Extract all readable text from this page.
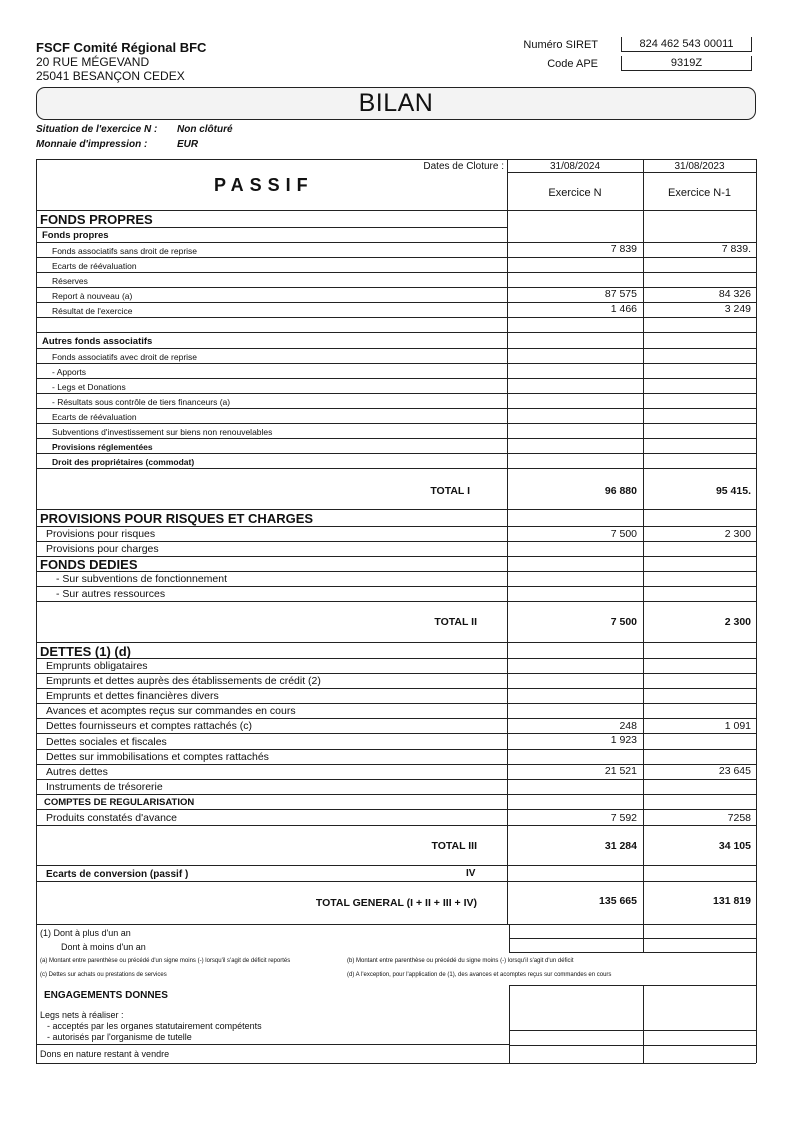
FSCF Comité Régional BFC
20 RUE MÉGEVAND
25041 BESANÇON CEDEX
Numéro SIRET	824 462 543 00011
Code APE	9319Z
BILAN
Situation de l'exercice N : Non clôturé
Monnaie d'impression :	EUR
Dates de Cloture :	31/08/2024	31/08/2023
PASSIF	Exercice N	Exercice N-1
FONDS PROPRES
Fonds propres
Fonds associatifs sans droit de reprise	7 839	7 839.
Ecarts de réévaluation
Réserves
Report à nouveau (a)	87 575	84 326
Résultat de l'exercice	1 466	3 249
Autres fonds associatifs
Fonds associatifs avec droit de reprise
- Apports
- Legs et Donations
- Résultats sous contrôle de tiers financeurs (a)
Ecarts de réévaluation
Subventions d'investissement sur biens non renouvelables
Provisions réglementées
Droit des propriétaires (commodat)
TOTAL I	96 880	95 415.
PROVISIONS POUR RISQUES ET CHARGES
Provisions pour risques	7 500	2 300
Provisions pour charges
FONDS DEDIES
- Sur subventions de fonctionnement
- Sur autres ressources
TOTAL II	7 500	2 300
DETTES (1) (d)
Emprunts obligataires
Emprunts et dettes auprès des établissements de crédit (2)
Emprunts et dettes financières divers
Avances et acomptes reçus sur commandes en cours
Dettes fournisseurs et comptes rattachés (c)	248	1 091
Dettes sociales et fiscales	1 923
Dettes sur immobilisations et comptes rattachés
Autres dettes	21 521	23 645
Instruments de trésorerie
COMPTES DE REGULARISATION
Produits constatés d'avance	7 592	7258
TOTAL III	31 284	34 105
Ecarts de conversion (passif )	IV
TOTAL GENERAL (I + II + III + IV)	135 665	131 819
(1) Dont à plus d'un an
Dont à moins d'un an
(a) Montant entre parenthèse ou précédé d'un signe moins (-) lorsqu'il s'agit de déficit reportés	(b) Montant entre parenthèse ou précédé du signe moins (-) lorsqu'il s'agit d'un déficit
(c) Dettes sur achats ou prestations de services	(d) A l'exception, pour l'application de (1), des avances et acomptes reçus sur commandes en cours
ENGAGEMENTS DONNES
Legs nets à réaliser :
- acceptés par les organes statutairement compétents
- autorisés par l'organisme de tutelle
Dons en nature restant à vendre
